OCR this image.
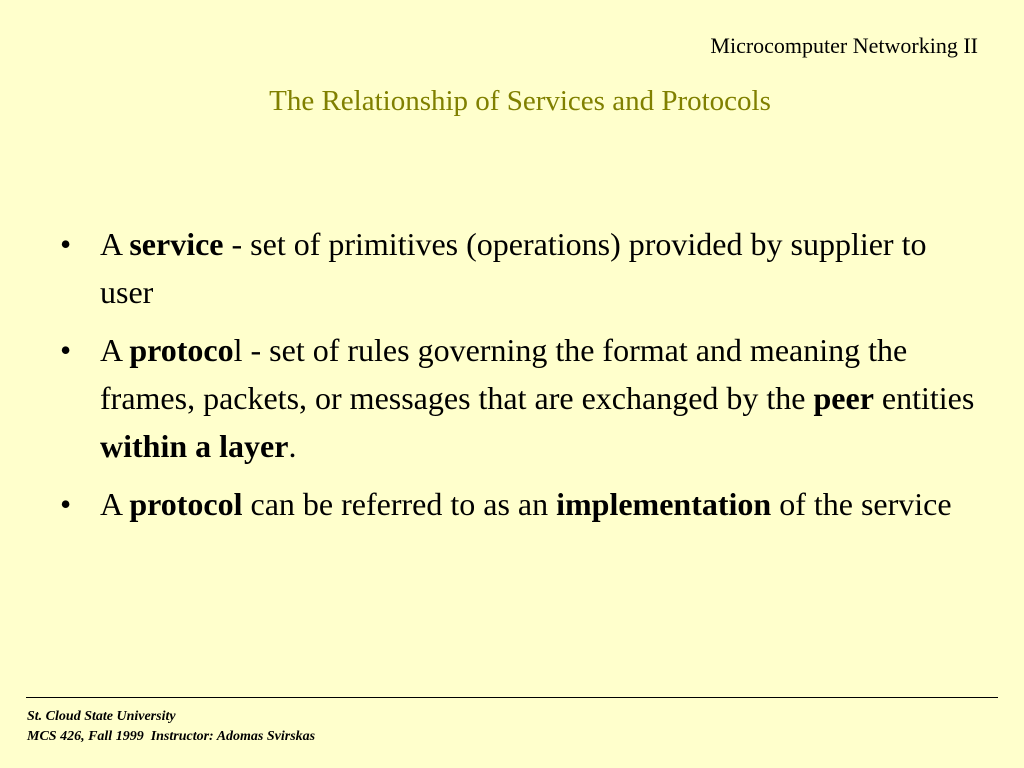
Microcomputer Networking II
The Relationship of Services and Protocols
• A service - set of primitives (operations) provided by supplier to user
• A protocol - set of rules governing the format and meaning the frames, packets, or messages that are exchanged by the peer entities within a layer.
• A protocol can be referred to as an implementation of the service
St. Cloud State University
MCS 426, Fall 1999  Instructor: Adomas Svirskas
